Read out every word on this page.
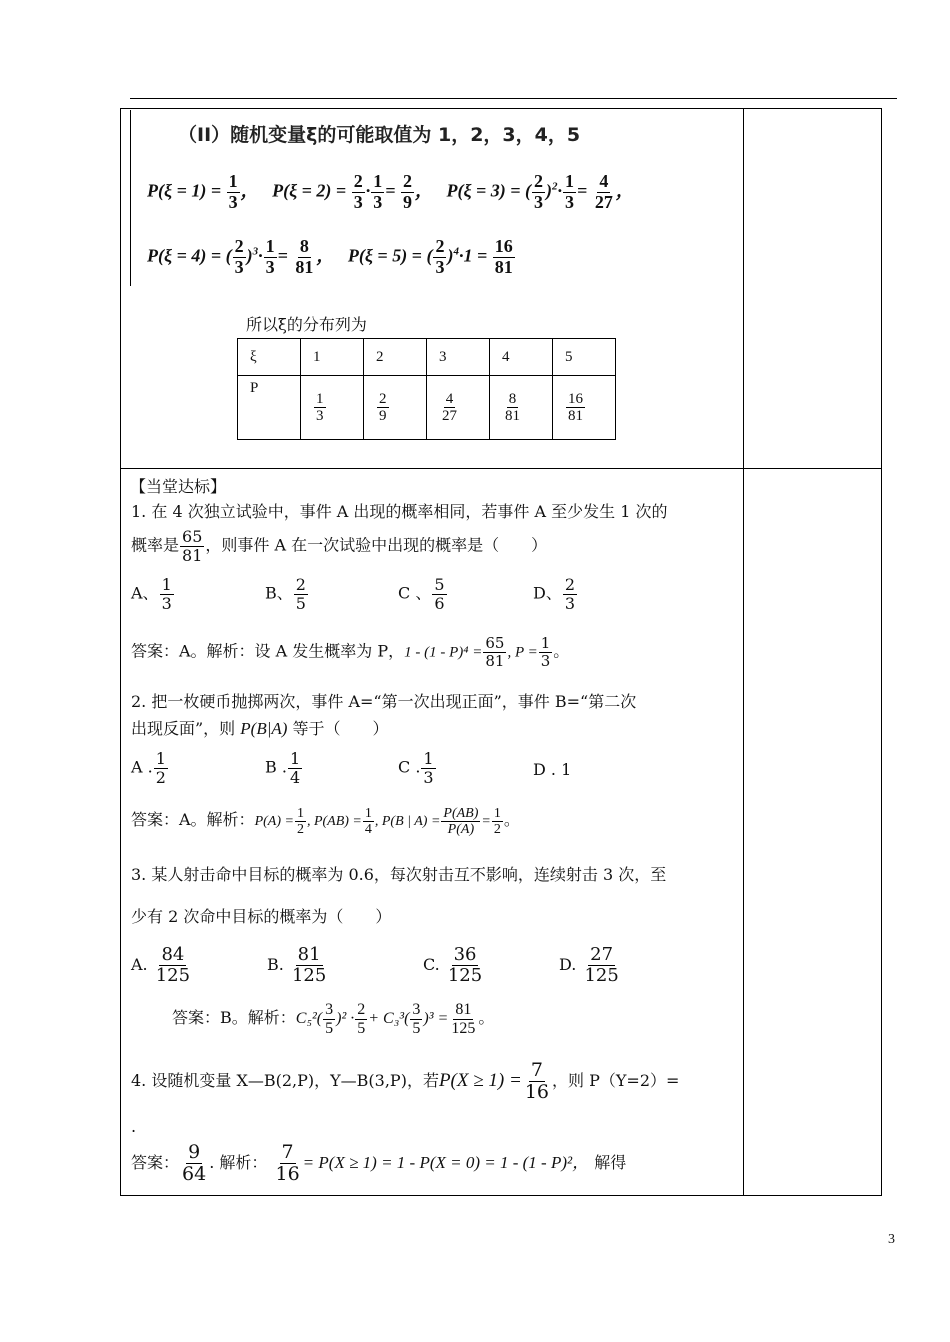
（II）随机变量ξ的可能取值为 1，2，3，4，5
$P(\xi = 1) = \frac{1}{3}$ ， $P(\xi = 2) = \frac{2}{3} \cdot \frac{1}{3} = \frac{2}{9}$ ， P(ξ = 3) = ( $\frac{2}{3} )^2\cdot \frac{1}{3} = \frac{4}{27}$ ，
P(ξ = 4) = ( $\frac{2}{3} )^3\cdot \frac{1}{3} = \frac{8}{81}$ ， P(ξ = 5) = ( $\frac{2}{3} )^4\cdot 1 = \frac{16}{81}$
所以ξ的分布列为
ξ	1	2	3	4	5
P	$\frac{1}{3}$	$\frac{2}{9}$	$\frac{4}{27}$	$\frac{8}{81}$	$\frac{16}{81}$
【当堂达标】
1. 在 4 次独立试验中，事件 A 出现的概率相同，若事件 A 至少发生 1 次的
概率是 $\frac{65}{81}$ ，则事件 A 在一次试验中出现的概率是（　　）
A、 $\frac{1}{3}$	B、 $\frac{2}{5}$	C 、 $\frac{5}{6}$	D、 $\frac{2}{3}$
答案：A。解析：设 A 发生概率为 P，$1 - (1 - P)^4 = \frac{65}{81}$ , $P = \frac{1}{3}$ 。
2. 把一枚硬币抛掷两次，事件 A=“第一次出现正面”，事件 B=“第二次
出现反面”，则 P(B|A) 等于（　　）
A . $\frac{1}{2}$	B . $\frac{1}{4}$	C . $\frac{1}{3}$	D . 1
答案：A。解析：$P(A) = \frac{1}{2}$ , $P(AB) = \frac{1}{4}$ , P(B | $A) = \frac{P(AB)}{P(A)} = \frac{1}{2}$ 。
3. 某人射击命中目标的概率为 0.6，每次射击互不影响，连续射击 3 次，至
少有 2 次命中目标的概率为（　　）
A. $\frac{84}{125}$	B. $\frac{81}{125}$	C. $\frac{36}{125}$	D. $\frac{27}{125}$
答案：B。解析：$C_5^2( \frac{3}{5} )^2 \cdot \frac{2}{5} + C_3^3( \frac{3}{5} )^3 = \frac{81}{125}$ 。
4. 设随机变量 X—B(2,P)，Y—B(3,P)，若$P(X \ge 1) = \frac{7}{16}$ ，则 P（Y=2）=
.
答案： $\frac{9}{64}$ . 解析： $\frac{7}{16} = P(X \ge 1) = 1 - P(X = 0) = 1 - (1 - P)^2$， 解得
3
